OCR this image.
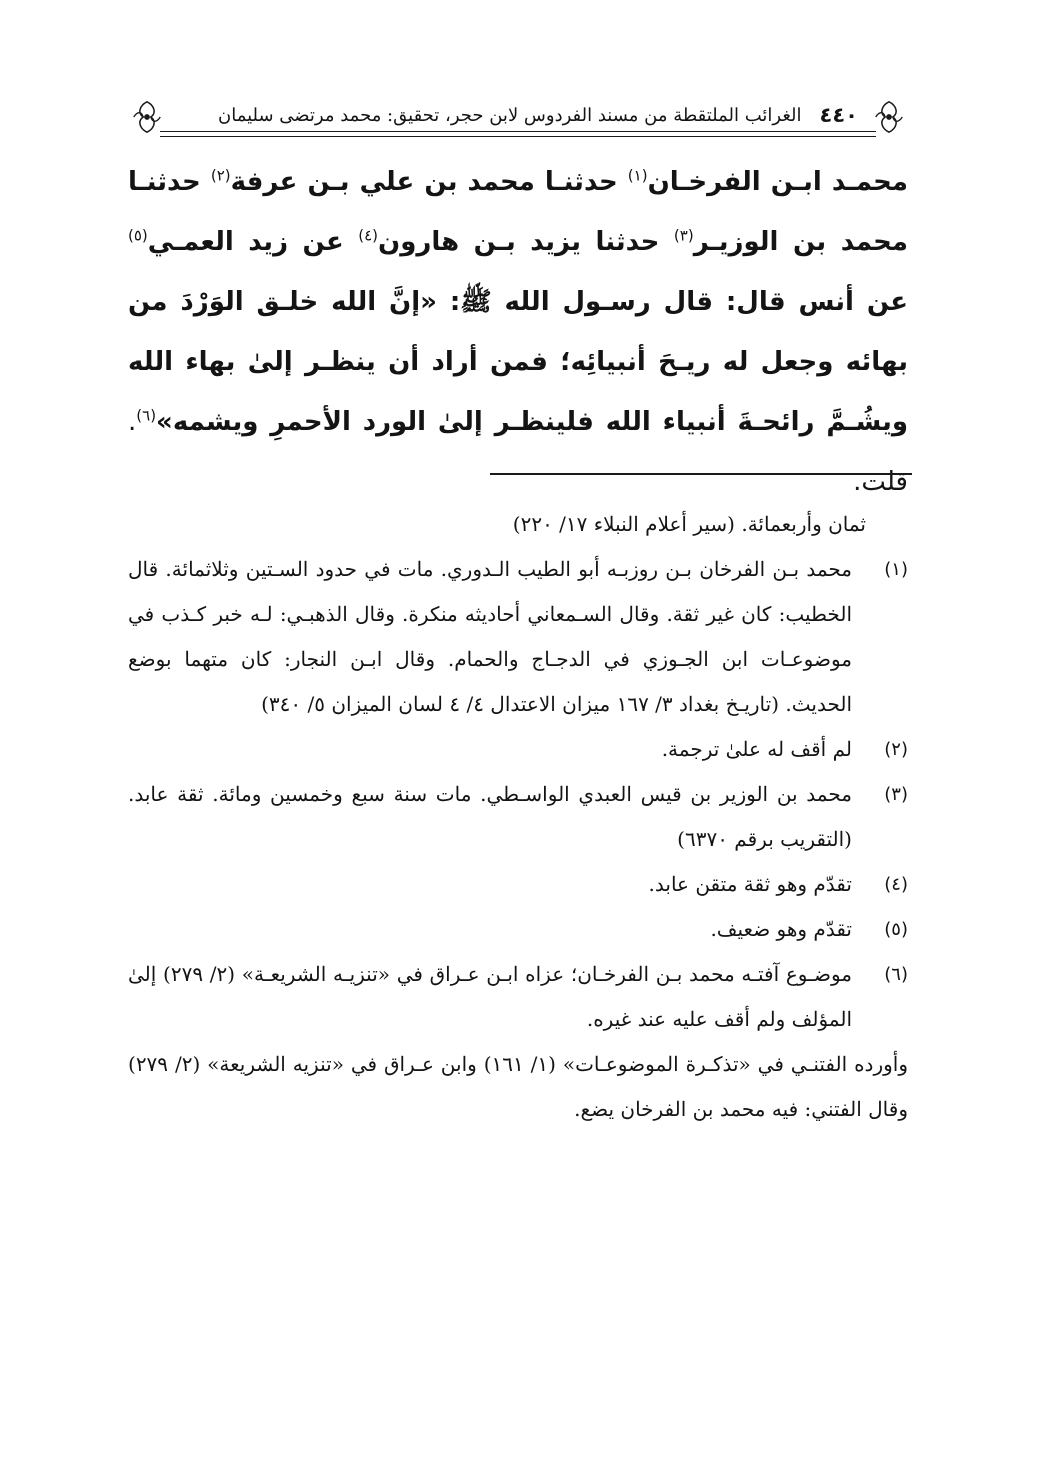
٤٤٠
الغرائب الملتقطة من مسند الفردوس لابن حجر، تحقيق: محمد مرتضى سليمان
محمـد ابـن الفرخـان$^{(١)}$ حدثنـا محمد بن علي بـن عرفة$^{(٢)}$ حدثنـا محمد بن الوزيـر$^{(٣)}$ حدثنا يزيد بـن هارون$^{(٤)}$ عن زيد العمـي$^{(٥)}$ عن أنس قال: قال رسـول الله ﷺ: «إنَّ الله خلـق الوَرْدَ من بهائه وجعل له ريـحَ أنبيائِه؛ فمن أراد أن ينظـر إلىٰ بهاء الله ويشُـمَّ رائحـةَ أنبياء الله فلينظـر إلىٰ الورد الأحمرِ ويشمه»$^{(٦)}$. قلت.
ثمان وأربعمائة. (سير أعلام النبلاء ١٧/ ٢٢٠)
(١)
محمد بـن الفرخان بـن روزبـه أبو الطيب الـدوري. مات في حدود السـتين وثلاثمائة. قال الخطيب: كان غير ثقة. وقال السـمعاني أحاديثه منكرة. وقال الذهبـي: لـه خبر كـذب في موضوعـات ابن الجـوزي في الدجـاج والحمام. وقال ابـن النجار: كان متهما بوضع الحديث. (تاريـخ بغداد ٣/ ١٦٧ ميزان الاعتدال ٤/ ٤ لسان الميزان ٥/ ٣٤٠)
(٢)
لم أقف له علىٰ ترجمة.
(٣)
محمد بن الوزير بن قيس العبدي الواسـطي. مات سنة سبع وخمسين ومائة. ثقة عابد. (التقريب برقم ٦٣٧٠)
(٤)
تقدّم وهو ثقة متقن عابد.
(٥)
تقدّم وهو ضعيف.
(٦)
موضـوع آفتـه محمد بـن الفرخـان؛ عزاه ابـن عـراق في «تنزيـه الشريعـة» (٢/ ٢٧٩) إلىٰ المؤلف ولم أقف عليه عند غيره.
وأورده الفتنـي في «تذكـرة الموضوعـات» (١/ ١٦١) وابن عـراق في «تنزيه الشريعة» (٢/ ٢٧٩) وقال الفتني: فيه محمد بن الفرخان يضع.
